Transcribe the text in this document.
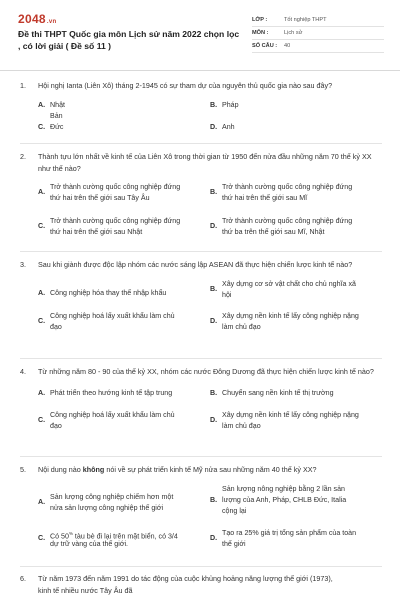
2048 .vn
Đề thi THPT Quốc gia môn Lịch sử năm 2022 chọn lọc , có lời giải ( Đề số 11 )
LỚP :	Tốt nghiệp THPT
MÔN :	Lịch sử
SỐ CÂU :	40
1. Hội nghị Ianta (Liên Xô) tháng 2-1945 có sự tham dự của nguyên thủ quốc gia nào sau đây?
A. Nhật Bản
B. Pháp
C. Đức	D. Anh
2. Thành tựu lớn nhất về kinh tế của Liên Xô trong thời gian từ 1950 đến nửa đầu những năm 70 thế kỷ XX như thế nào?
A.
Trở thành cường quốc công nghiệp đứng
thứ hai trên thế giới sau Tây Âu
B.
Trở thành cường quốc công nghiệp đứng
thứ hai trên thế giới sau Mĩ
C.
Trở thành cường quốc công nghiệp đứng
thứ hai trên thế giới sau Nhật
D.
Trở thành cường quốc công nghiệp đứng
thứ ba trên thế giới sau Mĩ, Nhật
3. Sau khi giành được độc lập nhóm các nước sáng lập ASEAN đã thực hiện chiến lược kinh tế nào?
A. Công nghiệp hóa thay thế nhập khẩu	B.
Xây dựng cơ sở vật chất cho chủ nghĩa xã
hội
C.
Công nghiệp hoá lấy xuất khẩu làm chủ
đạo
D.
Xây dựng nền kinh tế lấy công nghiệp nặng
làm chủ đạo
4. Từ những năm 80 - 90 của thế kỷ XX, nhóm các nước Đông Dương đã thực hiện chiến lược kinh tế nào?
A. Phát triển theo hướng kinh tế tập trung	B. Chuyển sang nền kinh tế thị trường
C.
Công nghiệp hoá lấy xuất khẩu làm chủ
đạo
D.
Xây dựng nền kinh tế lấy công nghiệp nặng
làm chủ đạo
5. Nội dung nào không nói về sự phát triển kinh tế Mỹ nửa sau những năm 40 thế kỷ XX?
A.
Sản lượng công nghiệp chiếm hơn một
nửa sản lượng công nghiệp thế giới
B.
Sản lượng nông nghiệp bằng 2 lần sản
lượng của Anh, Pháp, CHLB Đức, Italia
cộng lại
C. Có 50% tàu bè đi lại trên mặt biển, có 3/4
dự trữ vàng của thế giới.
D.
Tạo ra 25% giá trị tổng sản phẩm của toàn
thế giới
6. Từ năm 1973 đến năm 1991 do tác động của cuộc khủng hoảng năng lượng thế giới (1973),
kinh tế nhiều nước Tây Âu đã
